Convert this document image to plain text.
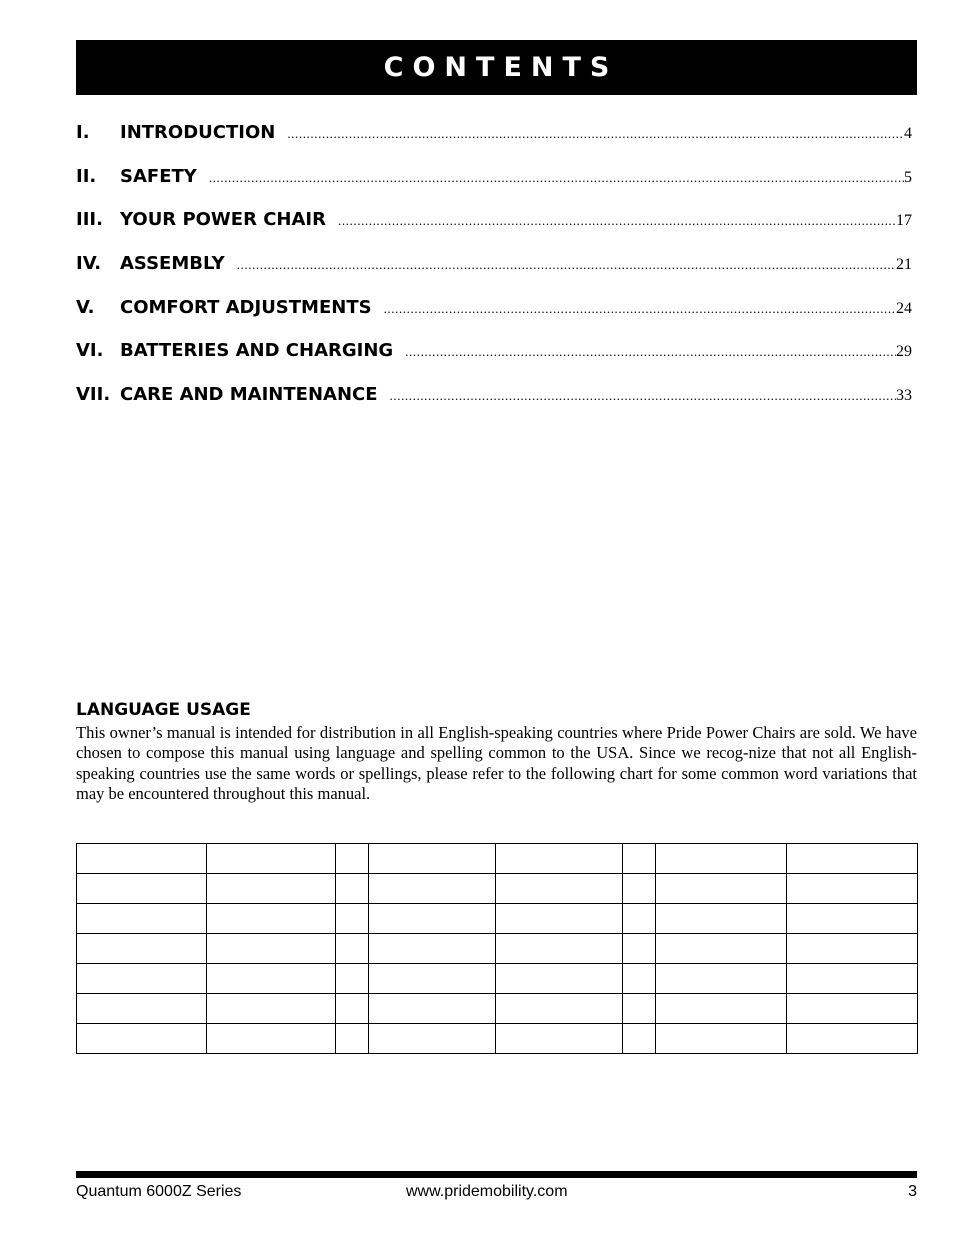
CONTENTS
I.	INTRODUCTION .....	4
II.	SAFETY .....	5
III. YOUR POWER CHAIR .....	17
IV.	ASSEMBLY .....	21
V.	COMFORT ADJUSTMENTS .....	24
VI. BATTERIES AND CHARGING .....	29
VII. CARE AND MAINTENANCE .....	33
LANGUAGE USAGE

This owner’s manual is intended for distribution in all English-speaking countries where Pride Power Chairs are sold. We have chosen to compose this manual using language and spelling common to the USA. Since we recog-nize that not all English-speaking countries use the same words or spellings, please refer to the following chart for some common word variations that may be encountered throughout this manual.

Quantum 6000Z Series	www.pridemobility.com	3
